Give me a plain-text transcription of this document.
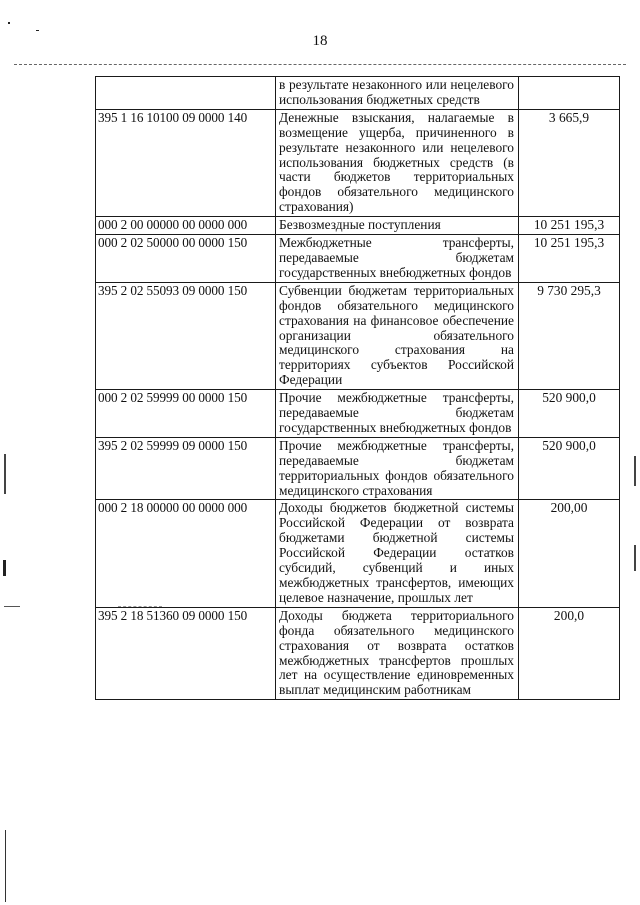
18
	в результате незаконного или нецелевого использования бюджетных средств	
395 1 16 10100 09 0000 140	Денежные взыскания, налагаемые в возмещение ущерба, причиненного в результате незаконного или нецелевого использования бюджетных средств (в части бюджетов территориальных фондов обязательного медицинского страхования)	3 665,9
000 2 00 00000 00 0000 000	Безвозмездные поступления	10 251 195,3
000 2 02 50000 00 0000 150	Межбюджетные трансферты, передаваемые бюджетам государственных внебюджетных фондов	10 251 195,3
395 2 02 55093 09 0000 150	Субвенции бюджетам территориальных фондов обязательного медицинского страхования на финансовое обеспечение организации обязательного медицинского страхования на территориях субъектов Российской Федерации	9 730 295,3
000 2 02 59999 00 0000 150	Прочие межбюджетные трансферты, передаваемые бюджетам государственных внебюджетных фондов	520 900,0
395 2 02 59999 09 0000 150	Прочие межбюджетные трансферты, передаваемые бюджетам территориальных фондов обязательного медицинского страхования	520 900,0
000 2 18 00000 00 0000 000	Доходы бюджетов бюджетной системы Российской Федерации от возврата бюджетами бюджетной системы Российской Федерации остатков субсидий, субвенций и иных межбюджетных трансфертов, имеющих целевое назначение, прошлых лет	200,00
395 2 18 51360 09 0000 150	Доходы бюджета территориального фонда обязательного медицинского страхования от возврата остатков межбюджетных трансфертов прошлых лет на осуществление единовременных выплат медицинским работникам	200,0
